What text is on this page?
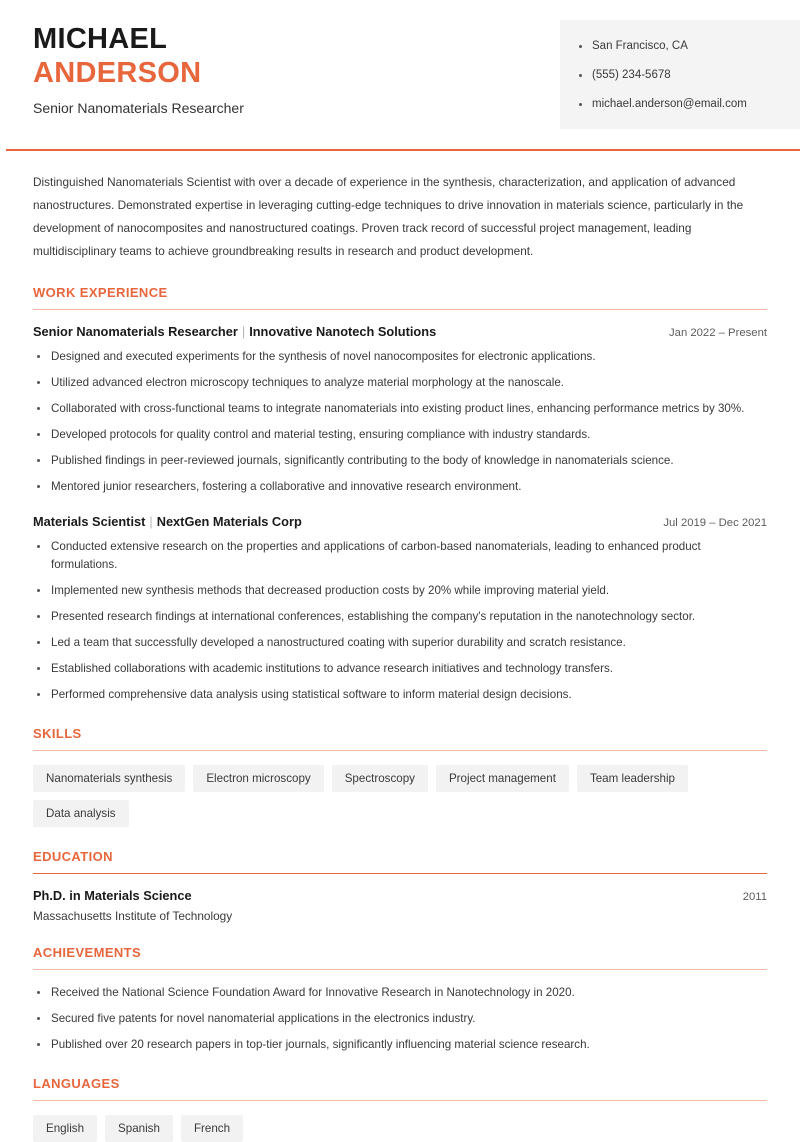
MICHAEL
ANDERSON
Senior Nanomaterials Researcher
San Francisco, CA
(555) 234-5678
michael.anderson@email.com

Distinguished Nanomaterials Scientist with over a decade of experience in the synthesis, characterization, and application of advanced nanostructures. Demonstrated expertise in leveraging cutting-edge techniques to drive innovation in materials science, particularly in the development of nanocomposites and nanostructured coatings. Proven track record of successful project management, leading multidisciplinary teams to achieve groundbreaking results in research and product development.

WORK EXPERIENCE
Senior Nanomaterials Researcher | Innovative Nanotech Solutions	Jan 2022 – Present
Designed and executed experiments for the synthesis of novel nanocomposites for electronic applications.
Utilized advanced electron microscopy techniques to analyze material morphology at the nanoscale.
Collaborated with cross-functional teams to integrate nanomaterials into existing product lines, enhancing performance metrics by 30%.
Developed protocols for quality control and material testing, ensuring compliance with industry standards.
Published findings in peer-reviewed journals, significantly contributing to the body of knowledge in nanomaterials science.
Mentored junior researchers, fostering a collaborative and innovative research environment.
Materials Scientist | NextGen Materials Corp	Jul 2019 – Dec 2021
Conducted extensive research on the properties and applications of carbon-based nanomaterials, leading to enhanced product formulations.
Implemented new synthesis methods that decreased production costs by 20% while improving material yield.
Presented research findings at international conferences, establishing the company's reputation in the nanotechnology sector.
Led a team that successfully developed a nanostructured coating with superior durability and scratch resistance.
Established collaborations with academic institutions to advance research initiatives and technology transfers.
Performed comprehensive data analysis using statistical software to inform material design decisions.
SKILLS
Nanomaterials synthesis	Electron microscopy	Spectroscopy	Project management	Team leadership
Data analysis
EDUCATION
Ph.D. in Materials Science	2011
Massachusetts Institute of Technology
ACHIEVEMENTS
Received the National Science Foundation Award for Innovative Research in Nanotechnology in 2020.
Secured five patents for novel nanomaterial applications in the electronics industry.
Published over 20 research papers in top-tier journals, significantly influencing material science research.
LANGUAGES
English	Spanish	French
